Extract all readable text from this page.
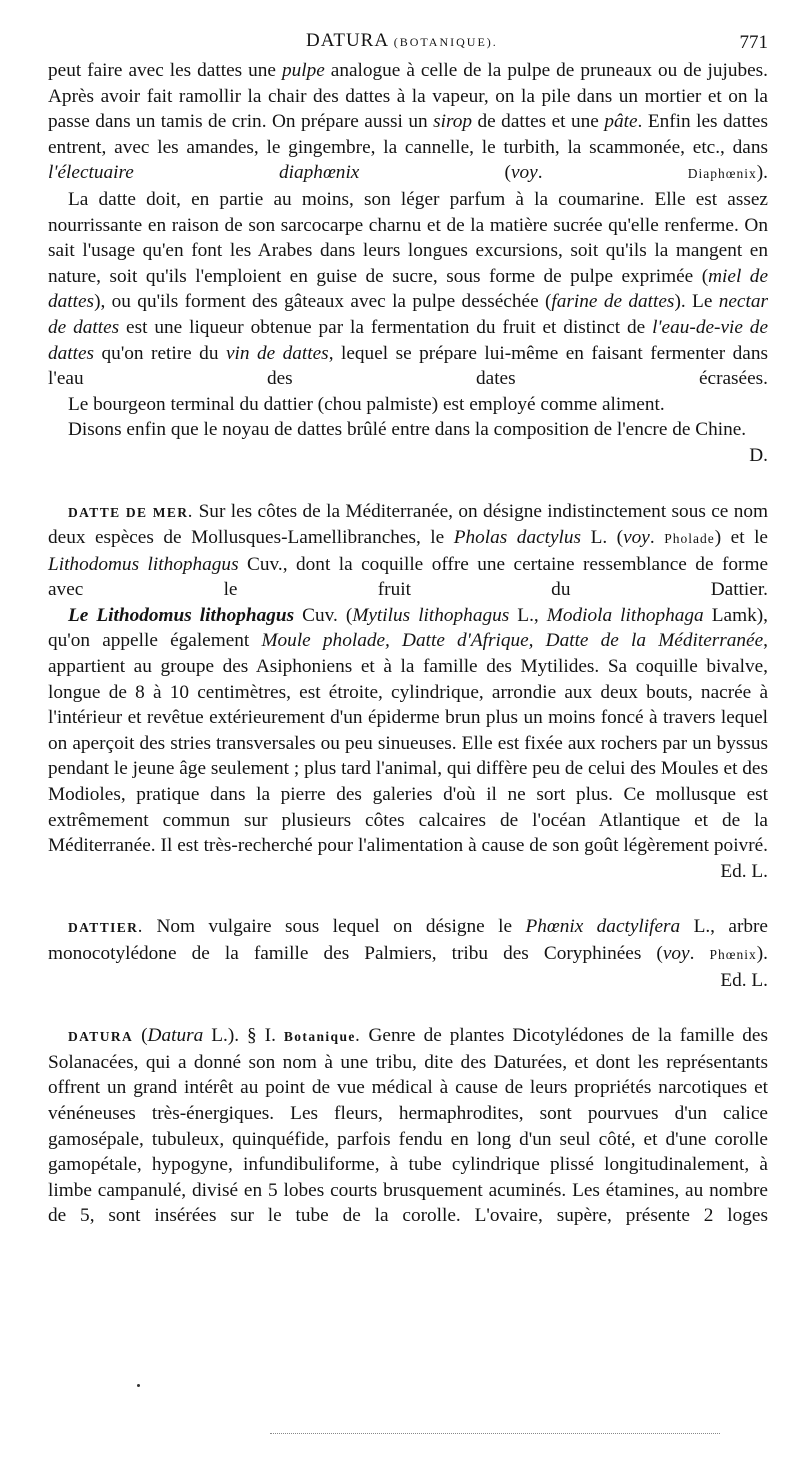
DATURA (BOTANIQUE).	771

peut faire avec les dattes une pulpe analogue à celle de la pulpe de pruneaux ou de jujubes. Après avoir fait ramollir la chair des dattes à la vapeur, on la pile dans un mortier et on la passe dans un tamis de crin. On prépare aussi un sirop de dattes et une pâte. Enfin les dattes entrent, avec les amandes, le gingembre, la cannelle, le turbith, la scammonée, etc., dans l'électuaire diaphœnix (voy. Diaphœnix).

La datte doit, en partie au moins, son léger parfum à la coumarine. Elle est assez nourrissante en raison de son sarcocarpe charnu et de la matière sucrée qu'elle renferme. On sait l'usage qu'en font les Arabes dans leurs longues excursions, soit qu'ils la mangent en nature, soit qu'ils l'emploient en guise de sucre, sous forme de pulpe exprimée (miel de dattes), ou qu'ils forment des gâteaux avec la pulpe desséchée (farine de dattes). Le nectar de dattes est une liqueur obtenue par la fermentation du fruit et distinct de l'eau-de-vie de dattes qu'on retire du vin de dattes, lequel se prépare lui-même en faisant fermenter dans l'eau des dates écrasées.

Le bourgeon terminal du dattier (chou palmiste) est employé comme aliment.

Disons enfin que le noyau de dattes brûlé entre dans la composition de l'encre de Chine.

D.

DATTE DE MER. Sur les côtes de la Méditerranée, on désigne indistinctement sous ce nom deux espèces de Mollusques-Lamellibranches, le Pholas dactylus L. (voy. Pholade) et le Lithodomus lithophagus Cuv., dont la coquille offre une certaine ressemblance de forme avec le fruit du Dattier.

Le Lithodomus lithophagus Cuv. (Mytilus lithophagus L., Modiola lithophaga Lamk), qu'on appelle également Moule pholade, Datte d'Afrique, Datte de la Méditerranée, appartient au groupe des Asiphoniens et à la famille des Mytilides. Sa coquille bivalve, longue de 8 à 10 centimètres, est étroite, cylindrique, arrondie aux deux bouts, nacrée à l'intérieur et revêtue extérieurement d'un épiderme brun plus un moins foncé à travers lequel on aperçoit des stries transversales ou peu sinueuses. Elle est fixée aux rochers par un byssus pendant le jeune âge seulement ; plus tard l'animal, qui diffère peu de celui des Moules et des Modioles, pratique dans la pierre des galeries d'où il ne sort plus. Ce mollusque est extrêmement commun sur plusieurs côtes calcaires de l'océan Atlantique et de la Méditerranée. Il est très-recherché pour l'alimentation à cause de son goût légèrement poivré.

Ed. L.

DATTIER. Nom vulgaire sous lequel on désigne le Phœnix dactylifera L., arbre monocotylédone de la famille des Palmiers, tribu des Coryphinées (voy. Phœnix).

Ed. L.

DATURA (Datura L.). § I. Botanique. Genre de plantes Dicotylédones de la famille des Solanacées, qui a donné son nom à une tribu, dite des Daturées, et dont les représentants offrent un grand intérêt au point de vue médical à cause de leurs propriétés narcotiques et vénéneuses très-énergiques. Les fleurs, hermaphrodites, sont pourvues d'un calice gamosépale, tubuleux, quinquéfide, parfois fendu en long d'un seul côté, et d'une corolle gamopétale, hypogyne, infundibuliforme, à tube cylindrique plissé longitudinalement, à limbe campanulé, divisé en 5 lobes courts brusquement acuminés. Les étamines, au nombre de 5, sont insérées sur le tube de la corolle. L'ovaire, supère, présente 2 loges
